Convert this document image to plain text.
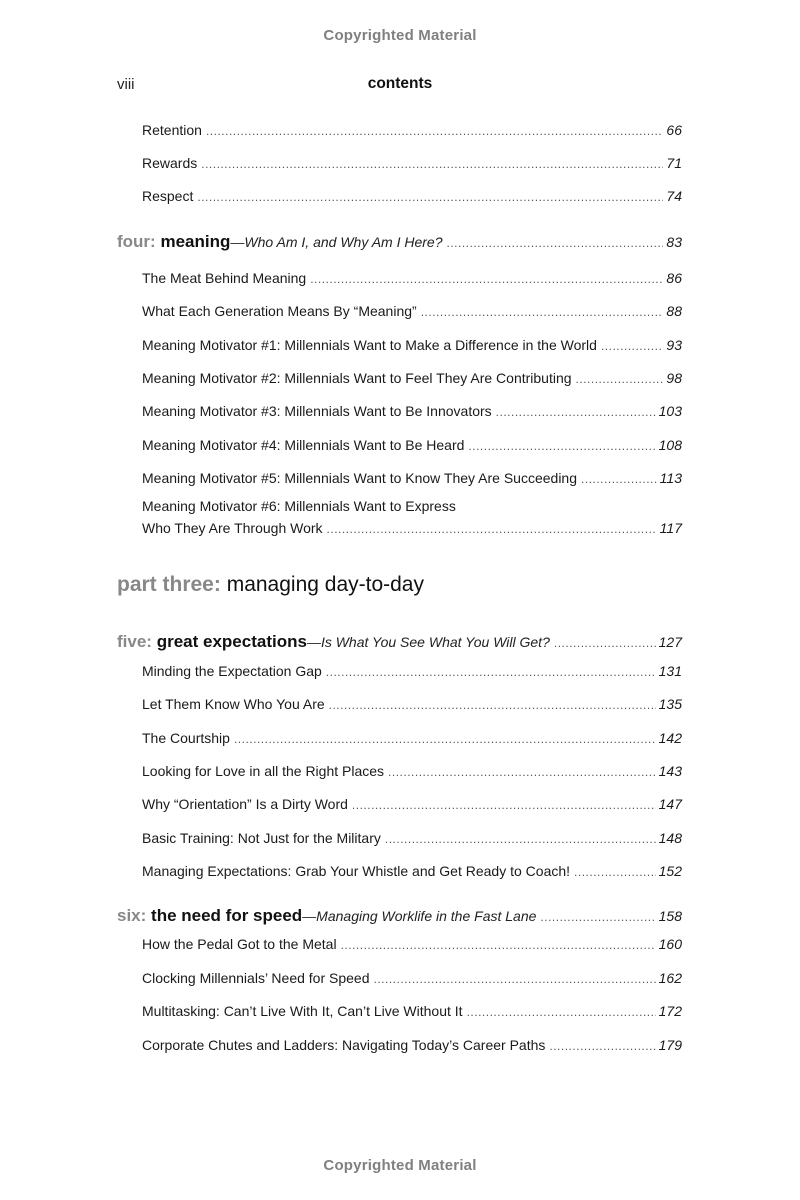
Copyrighted Material
viii	contents
Retention .....	66
Rewards .....	71
Respect .....	74
four: meaning—Who Am I, and Why Am I Here? .....	83
The Meat Behind Meaning .....	86
What Each Generation Means By “Meaning” .....	88
Meaning Motivator #1: Millennials Want to Make a Difference in the World .....	93
Meaning Motivator #2: Millennials Want to Feel They Are Contributing .....	98
Meaning Motivator #3: Millennials Want to Be Innovators .....	103
Meaning Motivator #4: Millennials Want to Be Heard .....	108
Meaning Motivator #5: Millennials Want to Know They Are Succeeding .....	113
Meaning Motivator #6: Millennials Want to Express
Who They Are Through Work .....	117
part three: managing day-to-day
five: great expectations—Is What You See What You Will Get? .....	127
Minding the Expectation Gap .....	131
Let Them Know Who You Are .....	135
The Courtship .....	142
Looking for Love in all the Right Places .....	143
Why “Orientation” Is a Dirty Word .....	147
Basic Training: Not Just for the Military .....	148
Managing Expectations: Grab Your Whistle and Get Ready to Coach! .....	152
six: the need for speed—Managing Worklife in the Fast Lane .....	158
How the Pedal Got to the Metal .....	160
Clocking Millennials’ Need for Speed .....	162
Multitasking: Can’t Live With It, Can’t Live Without It .....	172
Corporate Chutes and Ladders: Navigating Today’s Career Paths .....	179
Copyrighted Material
